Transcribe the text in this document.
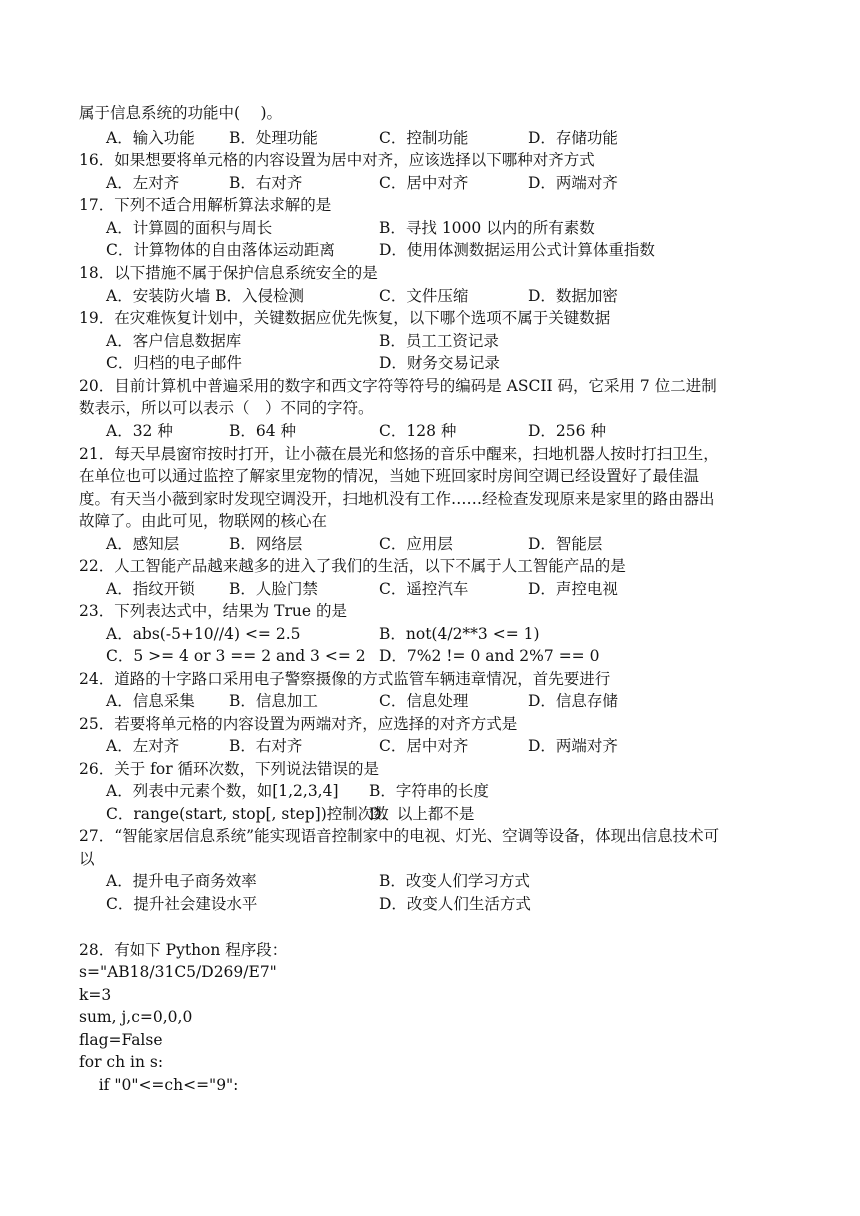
属于信息系统的功能中(　 )。
A．输入功能 B．处理功能	C．控制功能	D．存储功能
16．如果想要将单元格的内容设置为居中对齐，应该选择以下哪种对齐方式
A．左对齐	B．右对齐	C．居中对齐	D．两端对齐
17．下列不适合用解析算法求解的是
A．计算圆的面积与周长	B．寻找 1000 以内的所有素数
C．计算物体的自由落体运动距离	D．使用体测数据运用公式计算体重指数
18．以下措施不属于保护信息系统安全的是
A．安装防火墙 B．入侵检测	C．文件压缩	D．数据加密
19．在灾难恢复计划中，关键数据应优先恢复，以下哪个选项不属于关键数据
A．客户信息数据库	B．员工工资记录
C．归档的电子邮件	D．财务交易记录
20．目前计算机中普遍采用的数字和西文字符等符号的编码是 ASCII 码，它采用 7 位二进制
数表示，所以可以表示（　）不同的字符。
A．32 种	B．64 种	C．128 种	D．256 种
21．每天早晨窗帘按时打开，让小薇在晨光和悠扬的音乐中醒来，扫地机器人按时打扫卫生，
在单位也可以通过监控了解家里宠物的情况，当她下班回家时房间空调已经设置好了最佳温
度。有天当小薇到家时发现空调没开，扫地机没有工作……经检查发现原来是家里的路由器出
故障了。由此可见，物联网的核心在
A．感知层	B．网络层	C．应用层	D．智能层
22．人工智能产品越来越多的进入了我们的生活，以下不属于人工智能产品的是
A．指纹开锁 B．人脸门禁	C．遥控汽车	D．声控电视
23．下列表达式中，结果为 True 的是
A．abs(-5+10//4) <= 2.5	B．not(4/2**3 <= 1)
C．5 >= 4 or 3 == 2 and 3 <= 2 D．7%2 != 0 and 2%7 == 0
24．道路的十字路口采用电子警察摄像的方式监管车辆违章情况，首先要进行
A．信息采集 B．信息加工	C．信息处理	D．信息存储
25．若要将单元格的内容设置为两端对齐，应选择的对齐方式是
A．左对齐	B．右对齐	C．居中对齐	D．两端对齐
26．关于 for 循环次数，下列说法错误的是
A．列表中元素个数，如[1,2,3,4] B．字符串的长度
C．range(start, stop[, step])控制次数
D．以上都不是
27．“智能家居信息系统”能实现语音控制家中的电视、灯光、空调等设备，体现出信息技术可
以
A．提升电子商务效率	B．改变人们学习方式
C．提升社会建设水平	D．改变人们生活方式
28．有如下 Python 程序段：
s="AB18/31C5/D269/E7"
k=3
sum, j,c=0,0,0
flag=False
for ch in s:
if "0"<=ch<="9":
